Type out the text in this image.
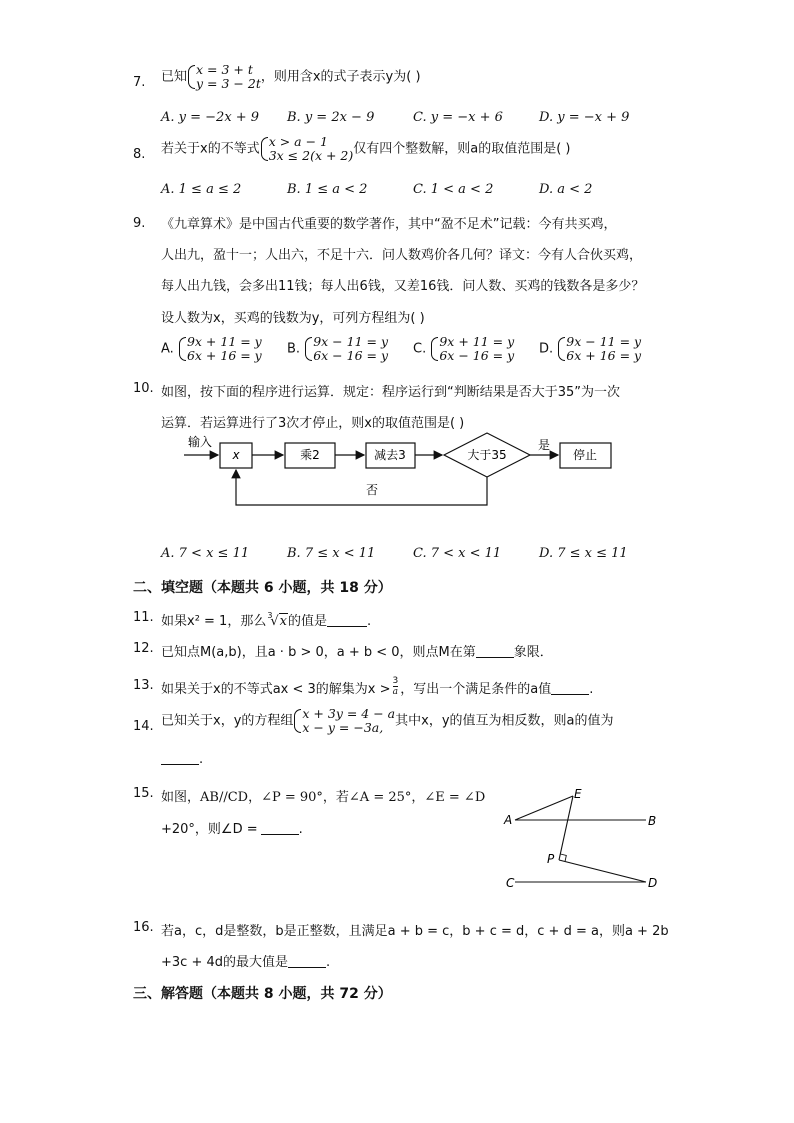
7. 已知 x = 3 + t
y = 3 − 2t ，则用含x的式子表示y为( )
A. y = −2x + 9 B. y = 2x − 9	C. y = −x + 6	D. y = −x + 9
8. 若关于x的不等式 x > a − 1
3x ≤ 2(x + 2) 仅有四个整数解，则a的取值范围是( )
A. 1 ≤ a ≤ 2	B. 1 ≤ a < 2	C. 1 < a < 2	D. a < 2
9. 《九章算术》是中国古代重要的数学著作，其中“盈不足术”记载：今有共买鸡，
人出九，盈十一；人出六，不足十六．问人数鸡价各几何？译文：今有人合伙买鸡，
每人出九钱，会多出11钱；每人出6钱，又差16钱．问人数、买鸡的钱数各是多少？
设人数为x，买鸡的钱数为y，可列方程组为( )
A. 9x + 11 = y
6x + 16 = y B. 9x − 11 = y
6x − 16 = y C. 9x + 11 = y
6x − 16 = y D. 9x − 11 = y
6x + 16 = y
10. 如图，按下面的程序进行运算．规定：程序运行到“判断结果是否大于35”为一次
运算．若运算进行了3次才停止，则x的取值范围是( )
输入
x	乘2	减去3	大于35
是
停止
否
A. 7 < x ≤ 11	B. 7 ≤ x < 11	C. 7 < x < 11	D. 7 ≤ x ≤ 11
二、填空题（本题共 6 小题，共 18 分）
11. 如果x² = 1，那么 3
√x的值是	.
12. 已知点M(a,b)，且a · b > 0，a + b < 0，则点M在第	象限．
13. 如果关于x的不等式ax < 3的解集为$x > \frac{3}{a}$ ，写出一个满足条件的a值	.
14. 已知关于x，y的方程组 x + 3y = 4 − a
x − y = −3a, 其中x，y的值互为相反数，则a的值为
.
15. 如图，AB//CD，∠P = 90°，若∠A = 25°，∠E = ∠D
+20°，则∠D =	.
A	B
C	D
E
P
16. 若a，c，d是整数，b是正整数，且满足a + b = c，b + c = d，c + d = a，则a + 2b
+3c + 4d的最大值是	.
三、解答题（本题共 8 小题，共 72 分）
